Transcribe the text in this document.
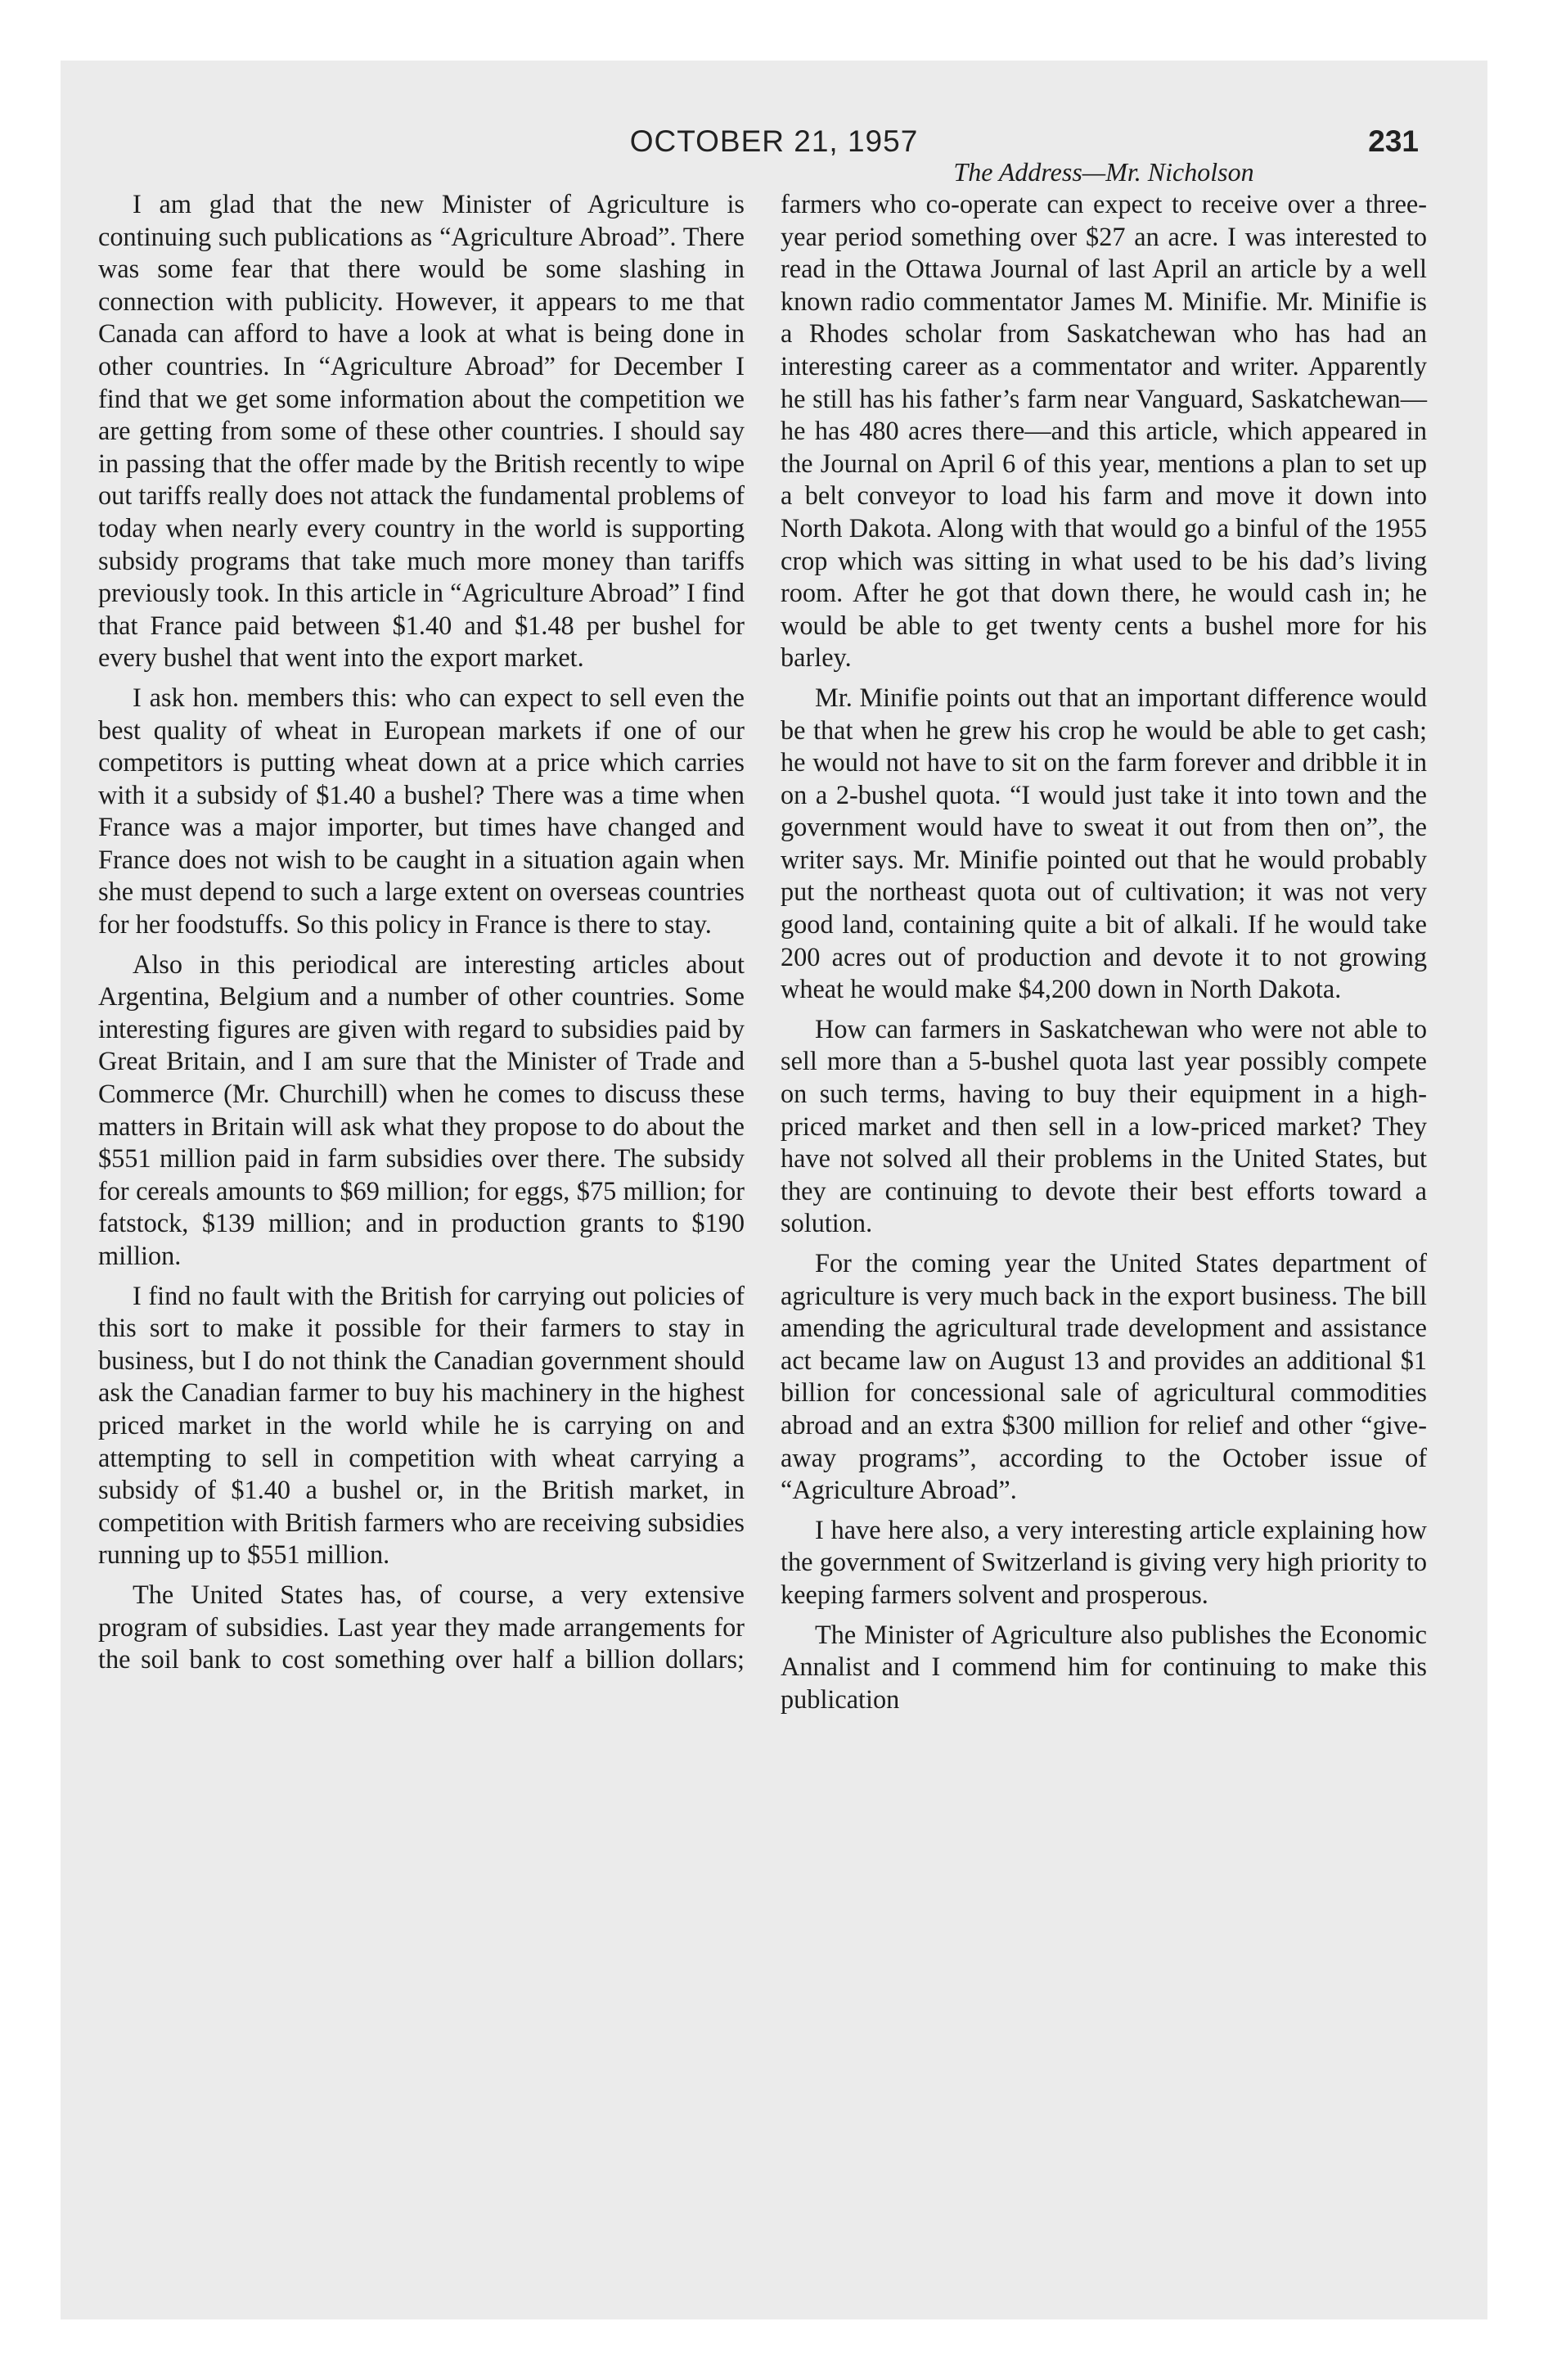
OCTOBER 21, 1957	231

I am glad that the new Minister of Agriculture is continuing such publications as “Agriculture Abroad”. There was some fear that there would be some slashing in connection with publicity. However, it appears to me that Canada can afford to have a look at what is being done in other countries. In “Agriculture Abroad” for December I find that we get some information about the competition we are getting from some of these other countries. I should say in passing that the offer made by the British recently to wipe out tariffs really does not attack the fundamental problems of today when nearly every country in the world is supporting subsidy programs that take much more money than tariffs previously took. In this article in “Agriculture Abroad” I find that France paid between $1.40 and $1.48 per bushel for every bushel that went into the export market.

I ask hon. members this: who can expect to sell even the best quality of wheat in European markets if one of our competitors is putting wheat down at a price which carries with it a subsidy of $1.40 a bushel? There was a time when France was a major importer, but times have changed and France does not wish to be caught in a situation again when she must depend to such a large extent on overseas countries for her foodstuffs. So this policy in France is there to stay.

Also in this periodical are interesting articles about Argentina, Belgium and a number of other countries. Some interesting figures are given with regard to subsidies paid by Great Britain, and I am sure that the Minister of Trade and Commerce (Mr. Churchill) when he comes to discuss these matters in Britain will ask what they propose to do about the $551 million paid in farm subsidies over there. The subsidy for cereals amounts to $69 million; for eggs, $75 million; for fatstock, $139 million; and in production grants to $190 million.

I find no fault with the British for carrying out policies of this sort to make it possible for their farmers to stay in business, but I do not think the Canadian government should ask the Canadian farmer to buy his machinery in the highest priced market in the world while he is carrying on and attempting to sell in competition with wheat carrying a subsidy of $1.40 a bushel or, in the British market, in competition with British farmers who are receiving subsidies running up to $551 million.

The United States has, of course, a very extensive program of subsidies. Last year they made arrangements for the soil bank to cost something over half a billion dollars;

The Address—Mr. Nicholson

farmers who co-operate can expect to receive over a three-year period something over $27 an acre. I was interested to read in the Ottawa Journal of last April an article by a well known radio commentator James M. Minifie. Mr. Minifie is a Rhodes scholar from Saskatchewan who has had an interesting career as a commentator and writer. Apparently he still has his father’s farm near Vanguard, Saskatchewan—he has 480 acres there—and this article, which appeared in the Journal on April 6 of this year, mentions a plan to set up a belt conveyor to load his farm and move it down into North Dakota. Along with that would go a binful of the 1955 crop which was sitting in what used to be his dad’s living room. After he got that down there, he would cash in; he would be able to get twenty cents a bushel more for his barley.

Mr. Minifie points out that an important difference would be that when he grew his crop he would be able to get cash; he would not have to sit on the farm forever and dribble it in on a 2-bushel quota. “I would just take it into town and the government would have to sweat it out from then on”, the writer says. Mr. Minifie pointed out that he would probably put the northeast quota out of cultivation; it was not very good land, containing quite a bit of alkali. If he would take 200 acres out of production and devote it to not growing wheat he would make $4,200 down in North Dakota.

How can farmers in Saskatchewan who were not able to sell more than a 5-bushel quota last year possibly compete on such terms, having to buy their equipment in a high-priced market and then sell in a low-priced market? They have not solved all their problems in the United States, but they are continuing to devote their best efforts toward a solution.

For the coming year the United States department of agriculture is very much back in the export business. The bill amending the agricultural trade development and assistance act became law on August 13 and provides an additional $1 billion for concessional sale of agricultural commodities abroad and an extra $300 million for relief and other “give-away programs”, according to the October issue of “Agriculture Abroad”.

I have here also, a very interesting article explaining how the government of Switzerland is giving very high priority to keeping farmers solvent and prosperous.

The Minister of Agriculture also publishes the Economic Annalist and I commend him for continuing to make this publication
